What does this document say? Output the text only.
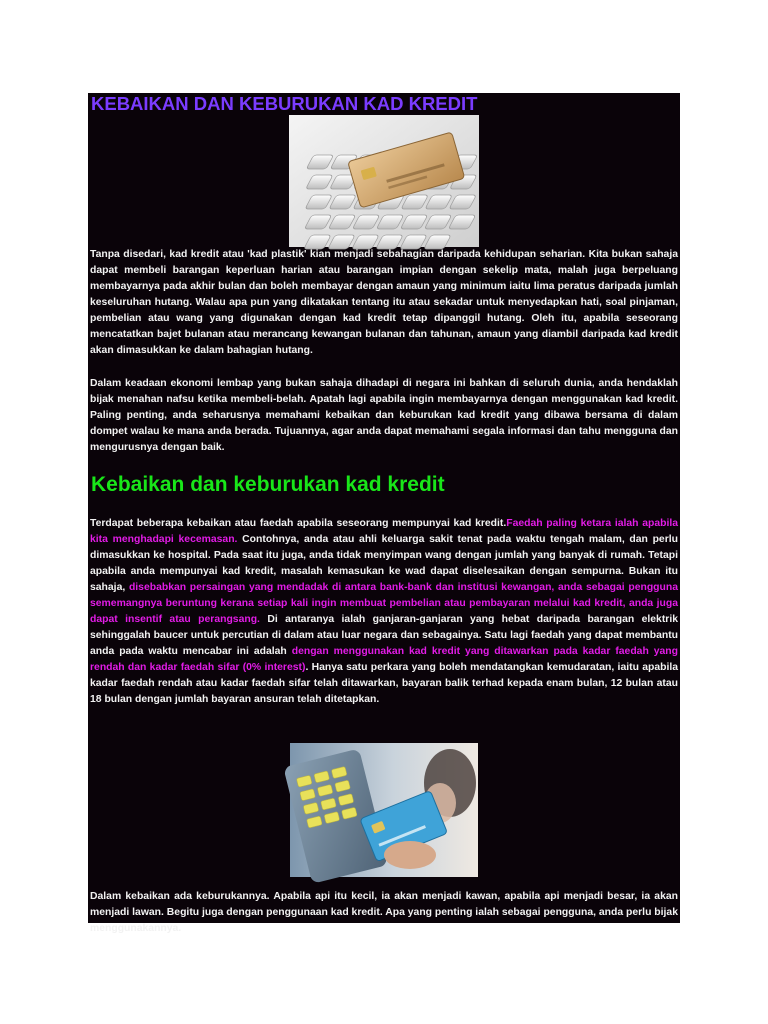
KEBAIKAN DAN KEBURUKAN KAD KREDIT

Tanpa disedari, kad kredit atau 'kad plastik' kian menjadi sebahagian daripada kehidupan seharian. Kita bukan sahaja dapat membeli barangan keperluan harian atau barangan impian dengan sekelip mata, malah juga berpeluang membayarnya pada akhir bulan dan boleh membayar dengan amaun yang minimum iaitu lima peratus daripada jumlah keseluruhan hutang. Walau apa pun yang dikatakan tentang itu atau sekadar untuk menyedapkan hati, soal pinjaman, pembelian atau wang yang digunakan dengan kad kredit tetap dipanggil hutang. Oleh itu, apabila seseorang mencatatkan bajet bulanan atau merancang kewangan bulanan dan tahunan, amaun yang diambil daripada kad kredit akan dimasukkan ke dalam bahagian hutang.

Dalam keadaan ekonomi lembap yang bukan sahaja dihadapi di negara ini bahkan di seluruh dunia, anda hendaklah bijak menahan nafsu ketika membeli-belah. Apatah lagi apabila ingin membayarnya dengan menggunakan kad kredit. Paling penting, anda seharusnya memahami kebaikan dan keburukan kad kredit yang dibawa bersama di dalam dompet walau ke mana anda berada. Tujuannya, agar anda dapat memahami segala informasi dan tahu mengguna dan mengurusnya dengan baik.

Kebaikan dan keburukan kad kredit

Terdapat beberapa kebaikan atau faedah apabila seseorang mempunyai kad kredit.Faedah paling ketara ialah apabila kita menghadapi kecemasan. Contohnya, anda atau ahli keluarga sakit tenat pada waktu tengah malam, dan perlu dimasukkan ke hospital. Pada saat itu juga, anda tidak menyimpan wang dengan jumlah yang banyak di rumah. Tetapi apabila anda mempunyai kad kredit, masalah kemasukan ke wad dapat diselesaikan dengan sempurna. Bukan itu sahaja, disebabkan persaingan yang mendadak di antara bank-bank dan institusi kewangan, anda sebagai pengguna sememangnya beruntung kerana setiap kali ingin membuat pembelian atau pembayaran melalui kad kredit, anda juga dapat insentif atau perangsang. Di antaranya ialah ganjaran-ganjaran yang hebat daripada barangan elektrik sehinggalah baucer untuk percutian di dalam atau luar negara dan sebagainya. Satu lagi faedah yang dapat membantu anda pada waktu mencabar ini adalah dengan menggunakan kad kredit yang ditawarkan pada kadar faedah yang rendah dan kadar faedah sifar (0% interest). Hanya satu perkara yang boleh mendatangkan kemudaratan, iaitu apabila kadar faedah rendah atau kadar faedah sifar telah ditawarkan, bayaran balik terhad kepada enam bulan, 12 bulan atau 18 bulan dengan jumlah bayaran ansuran telah ditetapkan.

Dalam kebaikan ada keburukannya. Apabila api itu kecil, ia akan menjadi kawan, apabila api menjadi besar, ia akan menjadi lawan. Begitu juga dengan penggunaan kad kredit. Apa yang penting ialah sebagai pengguna, anda perlu bijak menggunakannya.
